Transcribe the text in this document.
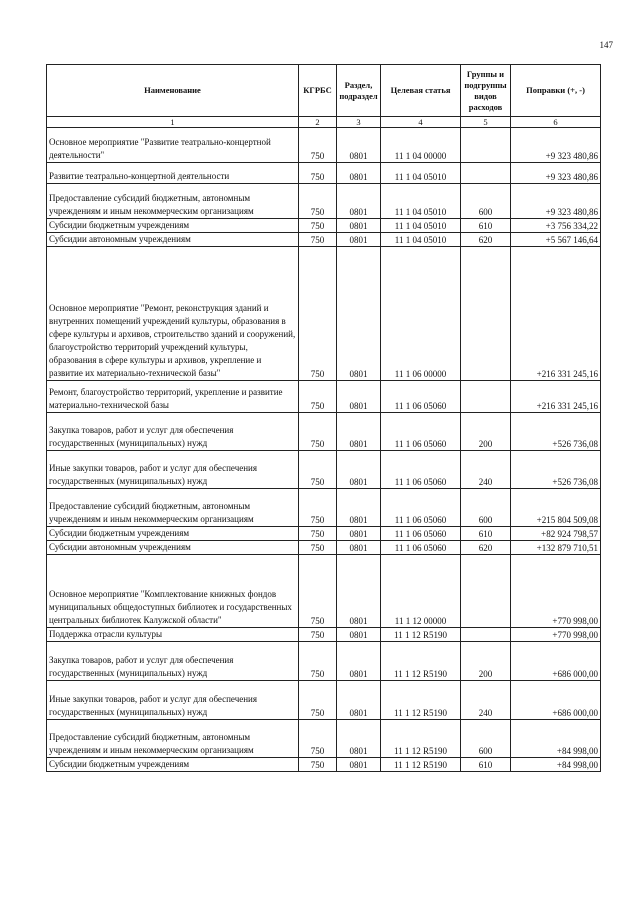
147
Наименование	КГРБС	Раздел, подраздел	Целевая статья	Группы и подгруппы видов расходов	Поправки (+, -)
1	2	3	4	5	6
Основное мероприятие "Развитие театрально-концертной деятельности"	750	0801	11 1 04 00000		+9 323 480,86
Развитие театрально-концертной деятельности	750	0801	11 1 04 05010		+9 323 480,86
Предоставление субсидий бюджетным, автономным учреждениям и иным некоммерческим организациям	750	0801	11 1 04 05010	600	+9 323 480,86
Субсидии бюджетным учреждениям	750	0801	11 1 04 05010	610	+3 756 334,22
Субсидии автономным учреждениям	750	0801	11 1 04 05010	620	+5 567 146,64
Основное мероприятие "Ремонт, реконструкция зданий и внутренних помещений учреждений культуры, образования в сфере культуры и архивов, строительство зданий и сооружений, благоустройство территорий учреждений культуры, образования в сфере культуры и архивов, укрепление и развитие их материально-технической базы"	750	0801	11 1 06 00000		+216 331 245,16
Ремонт, благоустройство территорий, укрепление и развитие материально-технической базы	750	0801	11 1 06 05060		+216 331 245,16
Закупка товаров, работ и услуг для обеспечения государственных (муниципальных) нужд	750	0801	11 1 06 05060	200	+526 736,08
Иные закупки товаров, работ и услуг для обеспечения государственных (муниципальных) нужд	750	0801	11 1 06 05060	240	+526 736,08
Предоставление субсидий бюджетным, автономным учреждениям и иным некоммерческим организациям	750	0801	11 1 06 05060	600	+215 804 509,08
Субсидии бюджетным учреждениям	750	0801	11 1 06 05060	610	+82 924 798,57
Субсидии автономным учреждениям	750	0801	11 1 06 05060	620	+132 879 710,51
Основное мероприятие "Комплектование книжных фондов муниципальных общедоступных библиотек и государственных центральных библиотек Калужской области"	750	0801	11 1 12 00000		+770 998,00
Поддержка отрасли культуры	750	0801	11 1 12 R5190		+770 998,00
Закупка товаров, работ и услуг для обеспечения государственных (муниципальных) нужд	750	0801	11 1 12 R5190	200	+686 000,00
Иные закупки товаров, работ и услуг для обеспечения государственных (муниципальных) нужд	750	0801	11 1 12 R5190	240	+686 000,00
Предоставление субсидий бюджетным, автономным учреждениям и иным некоммерческим организациям	750	0801	11 1 12 R5190	600	+84 998,00
Субсидии бюджетным учреждениям	750	0801	11 1 12 R5190	610	+84 998,00
